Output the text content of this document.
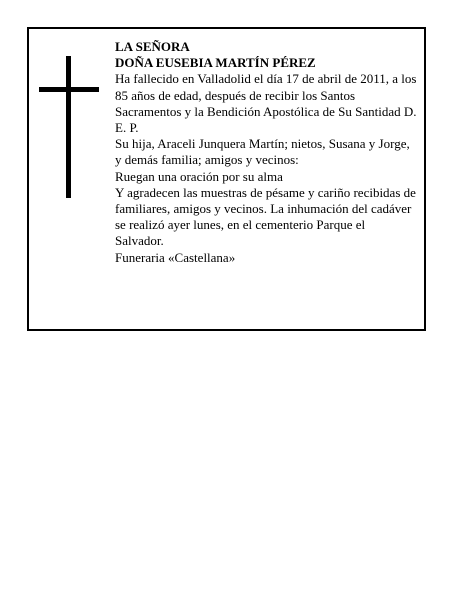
LA SEÑORA

DOÑA EUSEBIA MARTÍN PÉREZ

Ha fallecido en Valladolid el día 17 de abril de 2011, a los 85 años de edad, después de recibir los Santos Sacramentos y la Bendición Apostólica de Su Santidad D. E. P.

Su hija, Araceli Junquera Martín; nietos, Susana y Jorge, y demás familia; amigos y vecinos:

Ruegan una oración por su alma

Y agradecen las muestras de pésame y cariño recibidas de familiares, amigos y vecinos. La inhumación del cadáver se realizó ayer lunes, en el cementerio Parque el Salvador.

Funeraria «Castellana»
